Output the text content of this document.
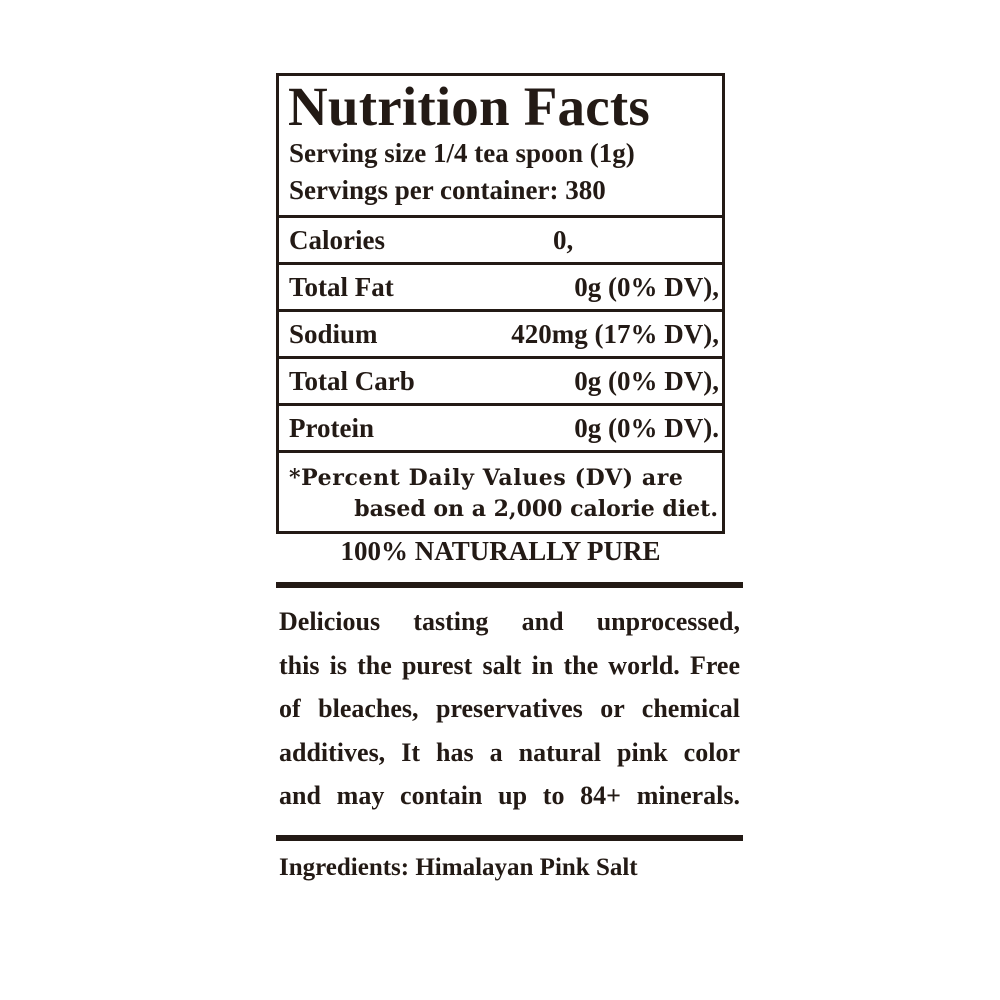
Nutrition Facts
Serving size 1/4 tea spoon (1g)
Servings per container: 380
Calories	0,
Total Fat	0g (0% DV),
Sodium	420mg (17% DV),
Total Carb	0g (0% DV),
Protein	0g (0% DV).
*Percent Daily Values (DV) are
based on a 2,000 calorie diet.
100% NATURALLY PURE
Delicious tasting and unprocessed,
this is the purest salt in the world. Free
of bleaches, preservatives or chemical
additives, It has a natural pink color
and may contain up to 84+ minerals.
Ingredients: Himalayan Pink Salt
